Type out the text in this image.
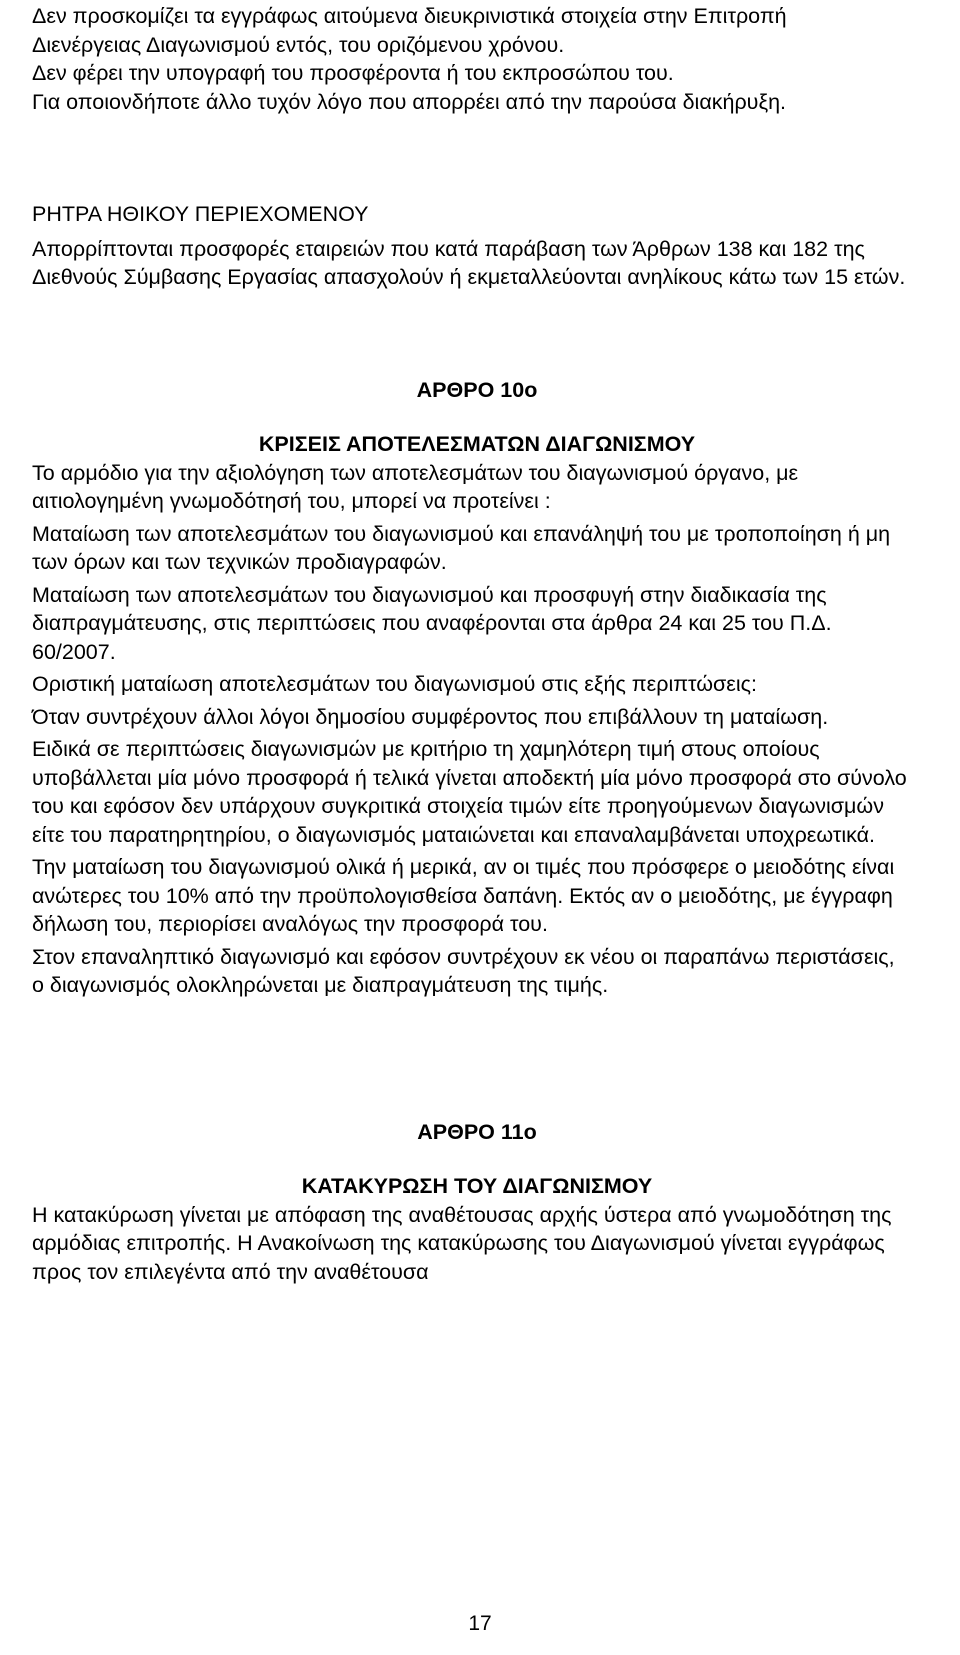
Δεν προσκομίζει τα εγγράφως αιτούμενα διευκρινιστικά στοιχεία στην Επιτροπή Διενέργειας Διαγωνισμού εντός, του οριζόμενου χρόνου.

Δεν φέρει την υπογραφή του προσφέροντα ή του εκπροσώπου του.

Για οποιονδήποτε άλλο τυχόν λόγο που απορρέει από την παρούσα διακήρυξη.

ΡΗΤΡΑ ΗΘΙΚΟΥ ΠΕΡΙΕΧΟΜΕΝΟΥ

Απορρίπτονται προσφορές εταιρειών που κατά παράβαση των Άρθρων 138 και 182 της Διεθνούς Σύμβασης Εργασίας απασχολούν ή εκμεταλλεύονται ανηλίκους κάτω των 15 ετών.

ΑΡΘΡΟ 10ο

ΚΡΙΣΕΙΣ ΑΠΟΤΕΛΕΣΜΑΤΩΝ ΔΙΑΓΩΝΙΣΜΟΥ

Το αρμόδιο για την αξιολόγηση των αποτελεσμάτων του διαγωνισμού όργανο, με αιτιολογημένη γνωμοδότησή του, μπορεί να προτείνει :

Ματαίωση των αποτελεσμάτων του διαγωνισμού και επανάληψή του με τροποποίηση ή μη των όρων και των τεχνικών προδιαγραφών.

Ματαίωση των αποτελεσμάτων του διαγωνισμού και προσφυγή στην διαδικασία της διαπραγμάτευσης, στις περιπτώσεις που αναφέρονται στα άρθρα 24 και 25 του Π.Δ. 60/2007.

Οριστική ματαίωση αποτελεσμάτων του διαγωνισμού στις εξής περιπτώσεις:

Όταν συντρέχουν άλλοι λόγοι δημοσίου συμφέροντος που επιβάλλουν τη ματαίωση.

Ειδικά σε περιπτώσεις διαγωνισμών με κριτήριο τη χαμηλότερη τιμή στους οποίους υποβάλλεται μία μόνο προσφορά ή τελικά γίνεται αποδεκτή μία μόνο προσφορά στο σύνολο του και εφόσον δεν υπάρχουν συγκριτικά στοιχεία τιμών είτε προηγούμενων διαγωνισμών είτε του παρατηρητηρίου, ο διαγωνισμός ματαιώνεται και επαναλαμβάνεται υποχρεωτικά.

Την ματαίωση του διαγωνισμού ολικά ή μερικά, αν οι τιμές που πρόσφερε ο μειοδότης είναι ανώτερες του 10% από την προϋπολογισθείσα δαπάνη. Εκτός αν ο μειοδότης, με έγγραφη δήλωση του, περιορίσει αναλόγως την προσφορά του.

Στον επαναληπτικό διαγωνισμό και εφόσον συντρέχουν εκ νέου οι παραπάνω περιστάσεις, ο διαγωνισμός ολοκληρώνεται με διαπραγμάτευση της τιμής.

ΑΡΘΡΟ 11ο

ΚΑΤΑΚΥΡΩΣΗ ΤΟΥ ΔΙΑΓΩΝΙΣΜΟΥ

Η κατακύρωση γίνεται με απόφαση της αναθέτουσας αρχής ύστερα από γνωμοδότηση της αρμόδιας επιτροπής. Η Ανακοίνωση της κατακύρωσης του Διαγωνισμού γίνεται εγγράφως προς τον επιλεγέντα από την αναθέτουσα

17
